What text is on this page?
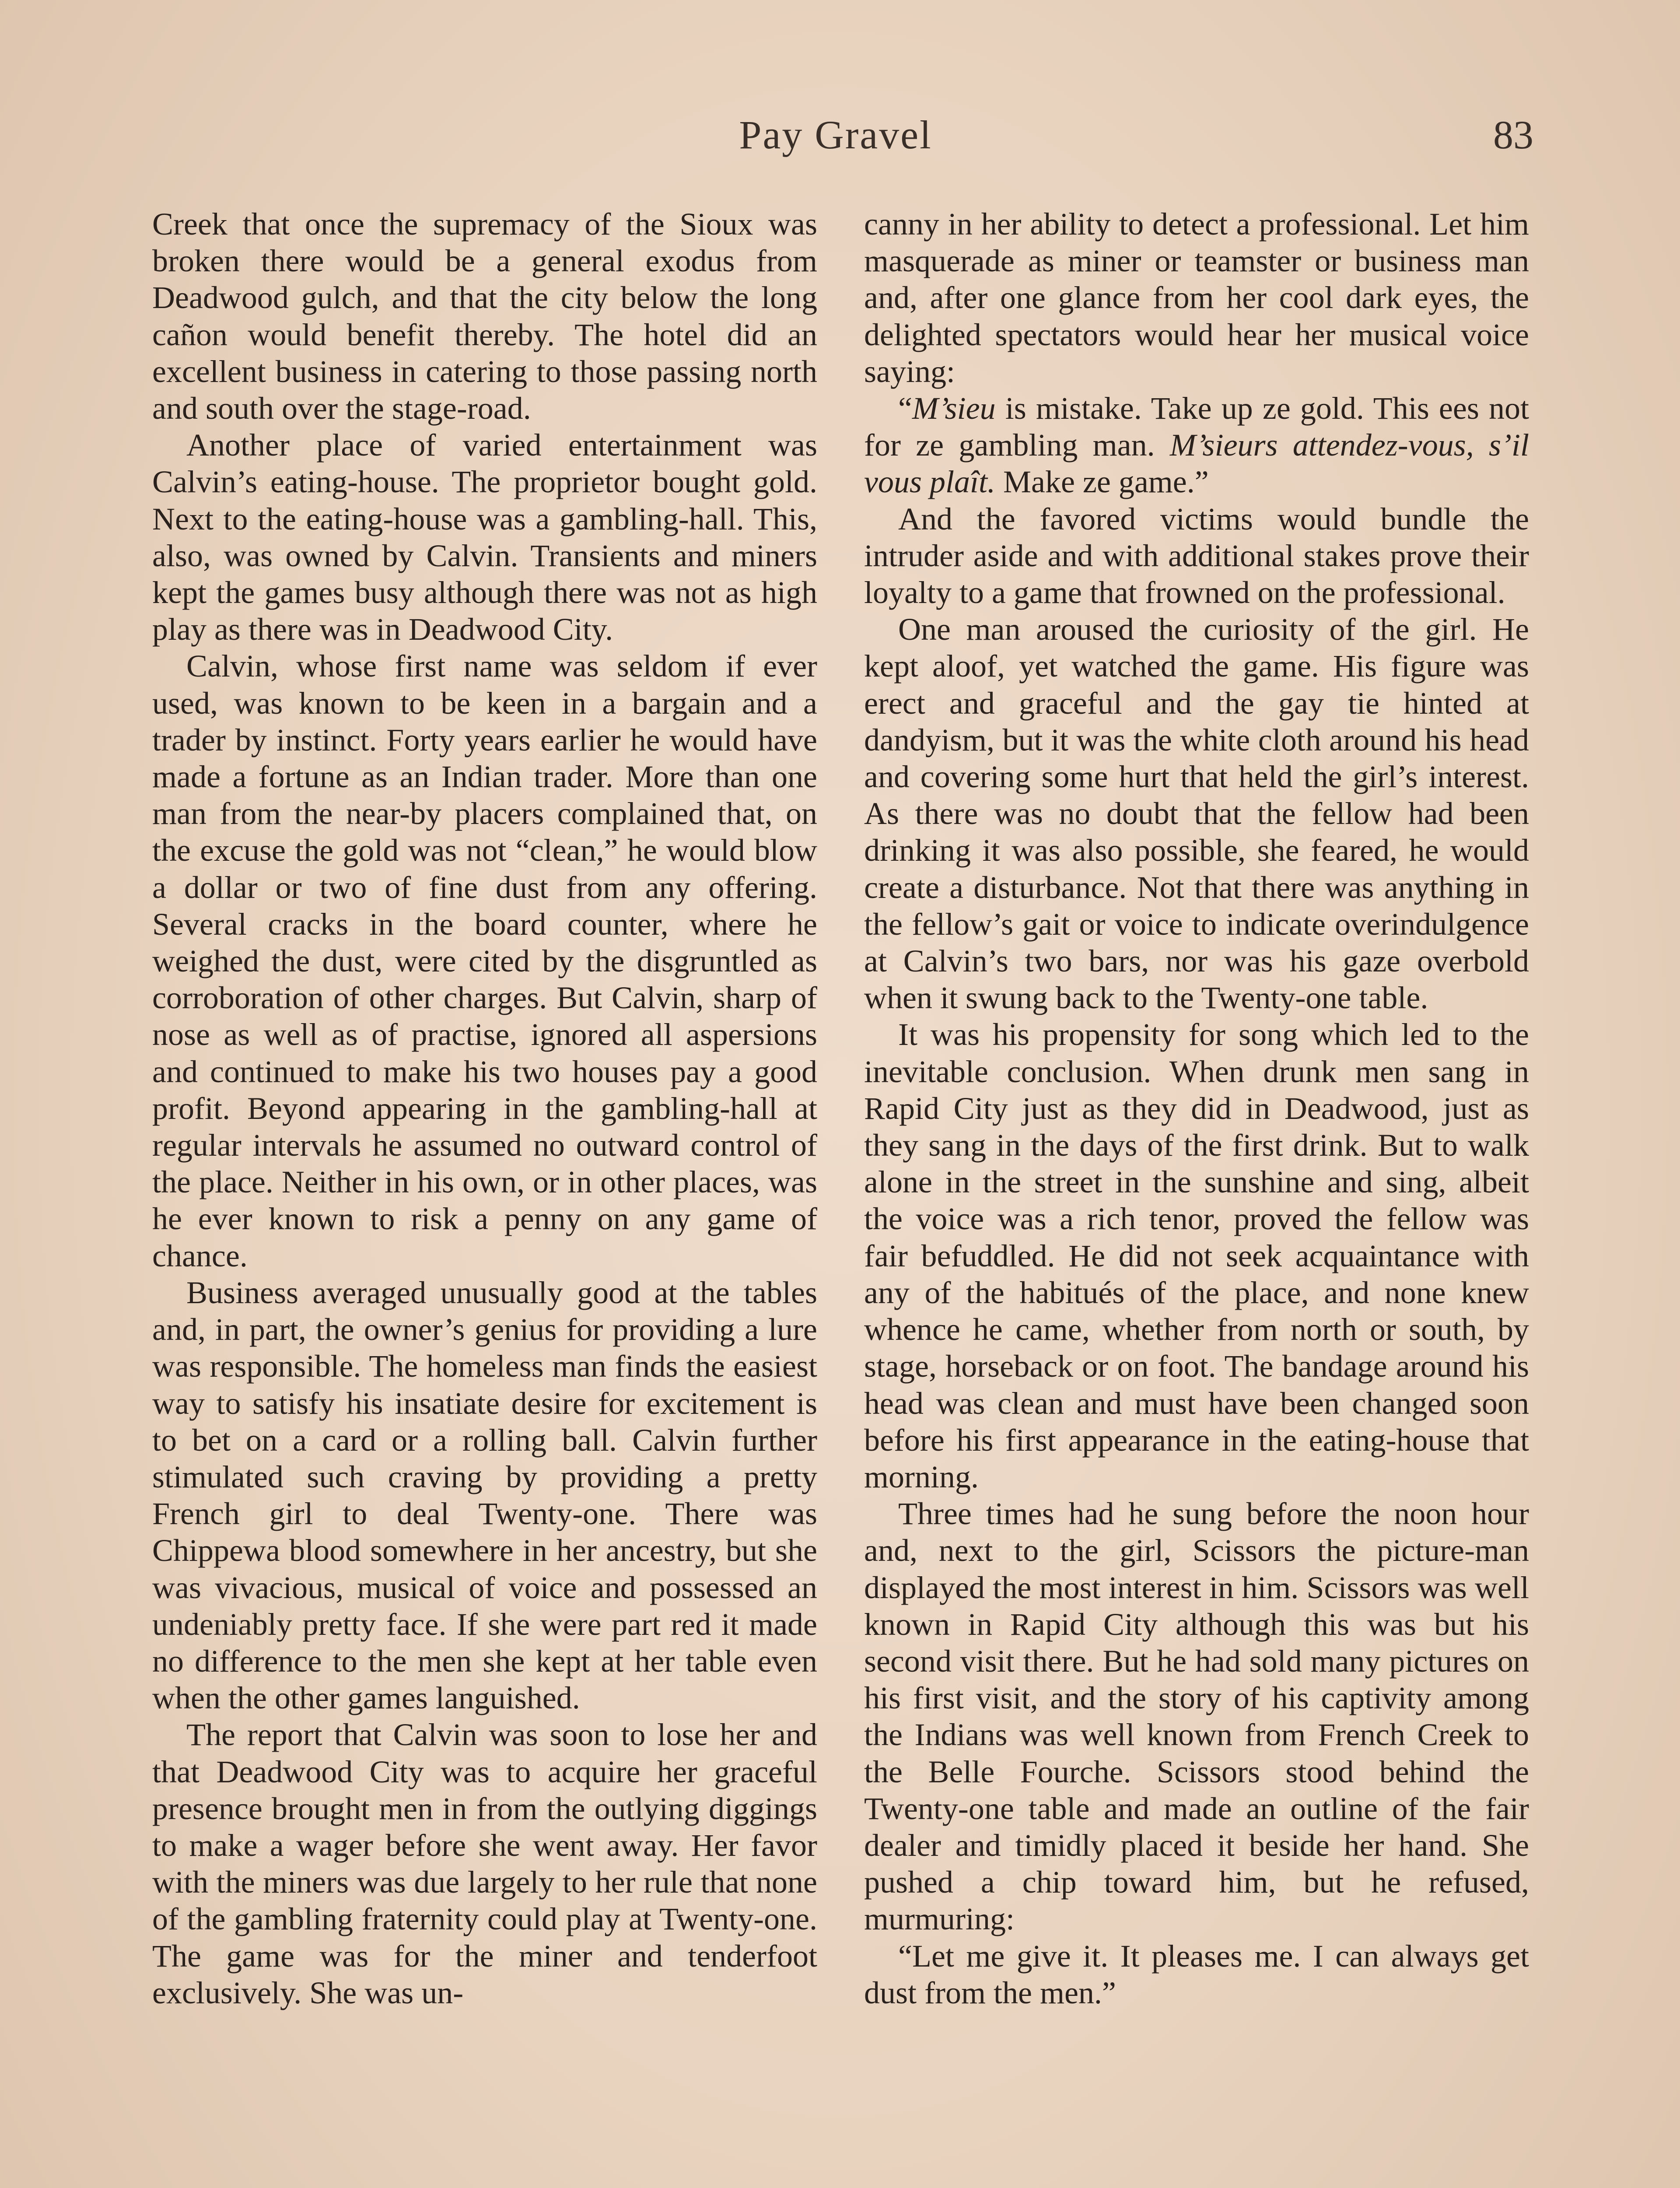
Pay Gravel	83

Creek that once the supremacy of the Sioux was broken there would be a general exodus from Deadwood gulch, and that the city below the long cañon would benefit thereby. The hotel did an excellent business in catering to those passing north and south over the stage-road.

Another place of varied entertainment was Calvin’s eating-house. The proprietor bought gold. Next to the eating-house was a gambling-hall. This, also, was owned by Calvin. Transients and miners kept the games busy although there was not as high play as there was in Deadwood City.

Calvin, whose first name was seldom if ever used, was known to be keen in a bargain and a trader by instinct. Forty years earlier he would have made a fortune as an Indian trader. More than one man from the near-by placers complained that, on the excuse the gold was not “clean,” he would blow a dollar or two of fine dust from any offering. Several cracks in the board counter, where he weighed the dust, were cited by the disgruntled as corroboration of other charges. But Calvin, sharp of nose as well as of practise, ignored all aspersions and continued to make his two houses pay a good profit. Beyond appearing in the gambling-hall at regular intervals he assumed no outward control of the place. Neither in his own, or in other places, was he ever known to risk a penny on any game of chance.

Business averaged unusually good at the tables and, in part, the owner’s genius for providing a lure was responsible. The homeless man finds the easiest way to satisfy his insatiate desire for excitement is to bet on a card or a rolling ball. Calvin further stimulated such craving by providing a pretty French girl to deal Twenty-one. There was Chippewa blood somewhere in her ancestry, but she was vivacious, musical of voice and possessed an undeniably pretty face. If she were part red it made no difference to the men she kept at her table even when the other games languished.

The report that Calvin was soon to lose her and that Deadwood City was to acquire her graceful presence brought men in from the outlying diggings to make a wager before she went away. Her favor with the miners was due largely to her rule that none of the gambling fraternity could play at Twenty-one. The game was for the miner and tenderfoot exclusively. She was un-

canny in her ability to detect a professional. Let him masquerade as miner or teamster or business man and, after one glance from her cool dark eyes, the delighted spectators would hear her musical voice saying:

“M’sieu is mistake. Take up ze gold. This ees not for ze gambling man. M’sieurs attendez-vous, s’il vous plaît. Make ze game.”

And the favored victims would bundle the intruder aside and with additional stakes prove their loyalty to a game that frowned on the professional.

One man aroused the curiosity of the girl. He kept aloof, yet watched the game. His figure was erect and graceful and the gay tie hinted at dandyism, but it was the white cloth around his head and covering some hurt that held the girl’s interest. As there was no doubt that the fellow had been drinking it was also possible, she feared, he would create a disturbance. Not that there was anything in the fellow’s gait or voice to indicate overindulgence at Calvin’s two bars, nor was his gaze overbold when it swung back to the Twenty-one table.

It was his propensity for song which led to the inevitable conclusion. When drunk men sang in Rapid City just as they did in Deadwood, just as they sang in the days of the first drink. But to walk alone in the street in the sunshine and sing, albeit the voice was a rich tenor, proved the fellow was fair befuddled. He did not seek acquaintance with any of the habitués of the place, and none knew whence he came, whether from north or south, by stage, horseback or on foot. The bandage around his head was clean and must have been changed soon before his first appearance in the eating-house that morning.

Three times had he sung before the noon hour and, next to the girl, Scissors the picture-man displayed the most interest in him. Scissors was well known in Rapid City although this was but his second visit there. But he had sold many pictures on his first visit, and the story of his captivity among the Indians was well known from French Creek to the Belle Fourche. Scissors stood behind the Twenty-one table and made an outline of the fair dealer and timidly placed it beside her hand. She pushed a chip toward him, but he refused, murmuring:

“Let me give it. It pleases me. I can always get dust from the men.”
